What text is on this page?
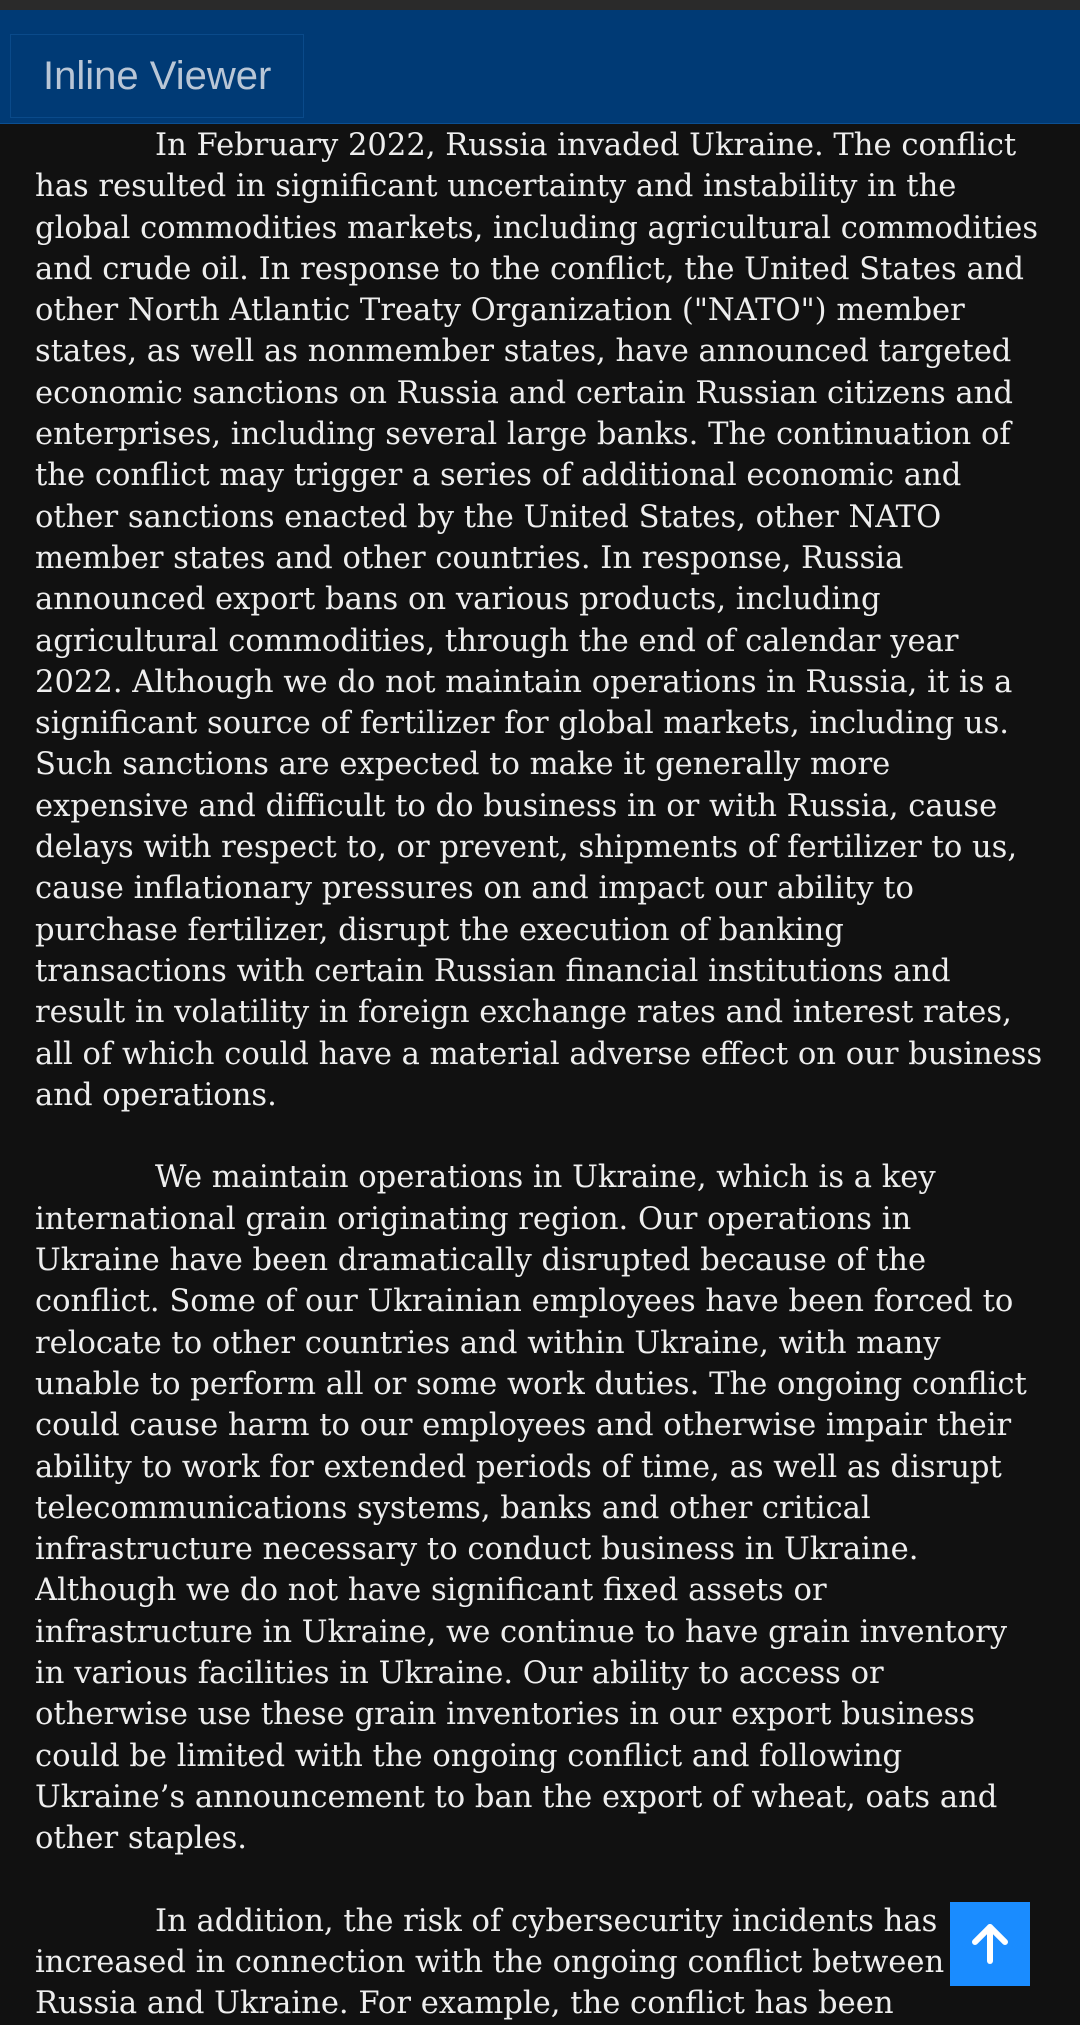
Inline Viewer

In February 2022, Russia invaded Ukraine. The conflict has resulted in significant uncertainty and instability in the global commodities markets, including agricultural commodities and crude oil. In response to the conflict, the United States and other North Atlantic Treaty Organization ("NATO") member states, as well as nonmember states, have announced targeted economic sanctions on Russia and certain Russian citizens and enterprises, including several large banks. The continuation of the conflict may trigger a series of additional economic and other sanctions enacted by the United States, other NATO member states and other countries. In response, Russia announced export bans on various products, including agricultural commodities, through the end of calendar year 2022. Although we do not maintain operations in Russia, it is a significant source of fertilizer for global markets, including us. Such sanctions are expected to make it generally more expensive and difficult to do business in or with Russia, cause delays with respect to, or prevent, shipments of fertilizer to us, cause inflationary pressures on and impact our ability to purchase fertilizer, disrupt the execution of banking transactions with certain Russian financial institutions and result in volatility in foreign exchange rates and interest rates, all of which could have a material adverse effect on our business and operations.

We maintain operations in Ukraine, which is a key international grain originating region. Our operations in Ukraine have been dramatically disrupted because of the conflict. Some of our Ukrainian employees have been forced to relocate to other countries and within Ukraine, with many unable to perform all or some work duties. The ongoing conflict could cause harm to our employees and otherwise impair their ability to work for extended periods of time, as well as disrupt telecommunications systems, banks and other critical infrastructure necessary to conduct business in Ukraine. Although we do not have significant fixed assets or infrastructure in Ukraine, we continue to have grain inventory in various facilities in Ukraine. Our ability to access or otherwise use these grain inventories in our export business could be limited with the ongoing conflict and following Ukraine’s announcement to ban the export of wheat, oats and other staples.

In addition, the risk of cybersecurity incidents has increased in connection with the ongoing conflict between Russia and Ukraine. For example, the conflict has been
